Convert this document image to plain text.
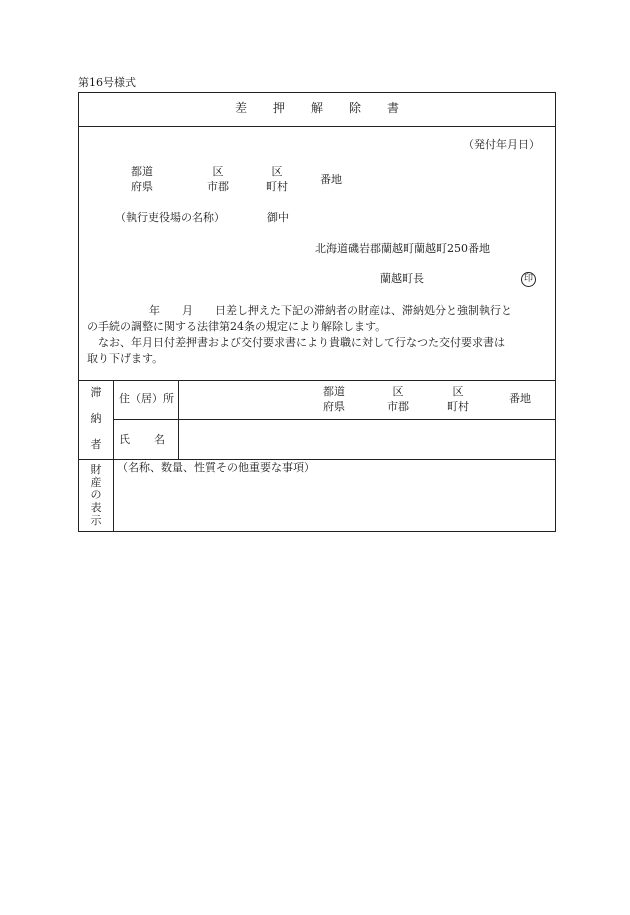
第16号様式
差 押 解 除 書
（発付年月日）
都道
府県
区
市郡
区
町村
番地
（執行吏役場の名称）	御中
北海道磯岩郡蘭越町蘭越町250番地
蘭越町長	印

年 月 日差し押えた下記の滞納者の財産は、滞納処分と強制執行と

の手続の調整に関する法律第24条の規定により解除します。

なお、年月日付差押書および交付要求書により貴職に対して行なつた交付要求書は

取り下げます。

滞
納
者
住（居）所
氏 名
都道
府県
区
市郡
区
町村
番地
財
産
の
表
示
（名称、数量、性質その他重要な事項）
